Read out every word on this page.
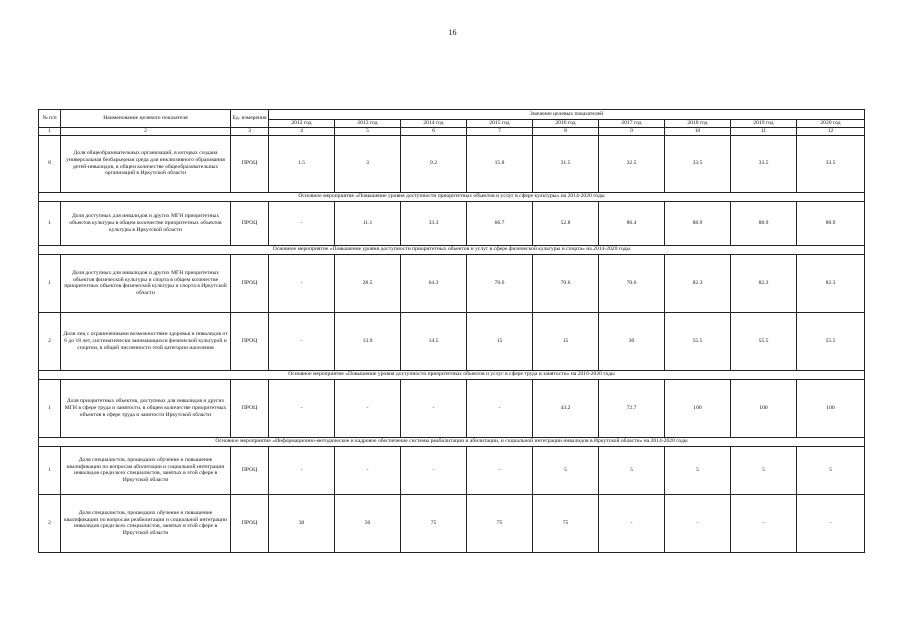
16
№ п/п	Наименование целевого показателя	Ед. измерения	Значение целевых показателей								
			2012 год	2013 год	2014 год	2015 год	2016 год	2017 год	2018 год	2019 год	2020 год
1	2	3	4	5	6	7	8	9	10	11	12
8	Доля общеобразовательных организаций, в которых создана универсальная безбарьерная среда для инклюзивного образования детей-инвалидов, в общем количестве общеобразовательных организаций в Иркутской области	ПРОЦ	1.5	3	9.2	15.8	31.5	32.5	33.5	33.5	33.5
Основное мероприятие «Повышение уровня доступности приоритетных объектов и услуг в сфере культуры» на 2014-2020 годы											
1	Доля доступных для инвалидов и других МГН приоритетных объектов культуры в общем количестве приоритетных объектов культуры в Иркутской области	ПРОЦ	-	11.1	33.3	66.7	52.8	86.4	88.9	88.9	88.9
Основное мероприятие «Повышение уровня доступности приоритетных объектов и услуг в сфере физической культуры и спорта» на 2014-2020 годы											
1	Доля доступных для инвалидов и других МГН приоритетных объектов физической культуры и спорта в общем количестве приоритетных объектов физической культуры и спорта в Иркутской области	ПРОЦ	-	28.5	64.3	70.6	70.6	70.6	82.3	82.3	82.3
2	Доля лиц с ограниченными возможностями здоровья и инвалидов от 6 до 18 лет, систематически занимающихся физической культурой и спортом, в общей численности этой категории населения	ПРОЦ	-	13.9	14.5	15	15	30	55.5	55.5	55.5
Основное мероприятие «Повышение уровня доступности приоритетных объектов и услуг в сфере труда и занятости» на 2016-2020 годы											
1	Доля приоритетных объектов, доступных для инвалидов и других МГН в сфере труда и занятости, в общем количестве приоритетных объектов в сфере труда и занятости Иркутской области	ПРОЦ	-	-	-	-	43.2	72.7	100	100	100
Основное мероприятие «Информационно-методическое и кадровое обеспечение системы реабилитации и абилитации, и социальной интеграции инвалидов в Иркутской области» на 2014-2020 годы											
1	Доля специалистов, прошедших обучение и повышение квалификации по вопросам абилитации и социальной интеграции инвалидов среди всех специалистов, занятых в этой сфере в Иркутской области	ПРОЦ	-	-	-	-	5	5	5	5	5
2	Доля специалистов, прошедших обучение и повышение квалификации по вопросам реабилитации и социальной интеграции инвалидов среди всех специалистов, занятых в этой сфере в Иркутской области	ПРОЦ	30	50	75	75	75	-	-	-	-
